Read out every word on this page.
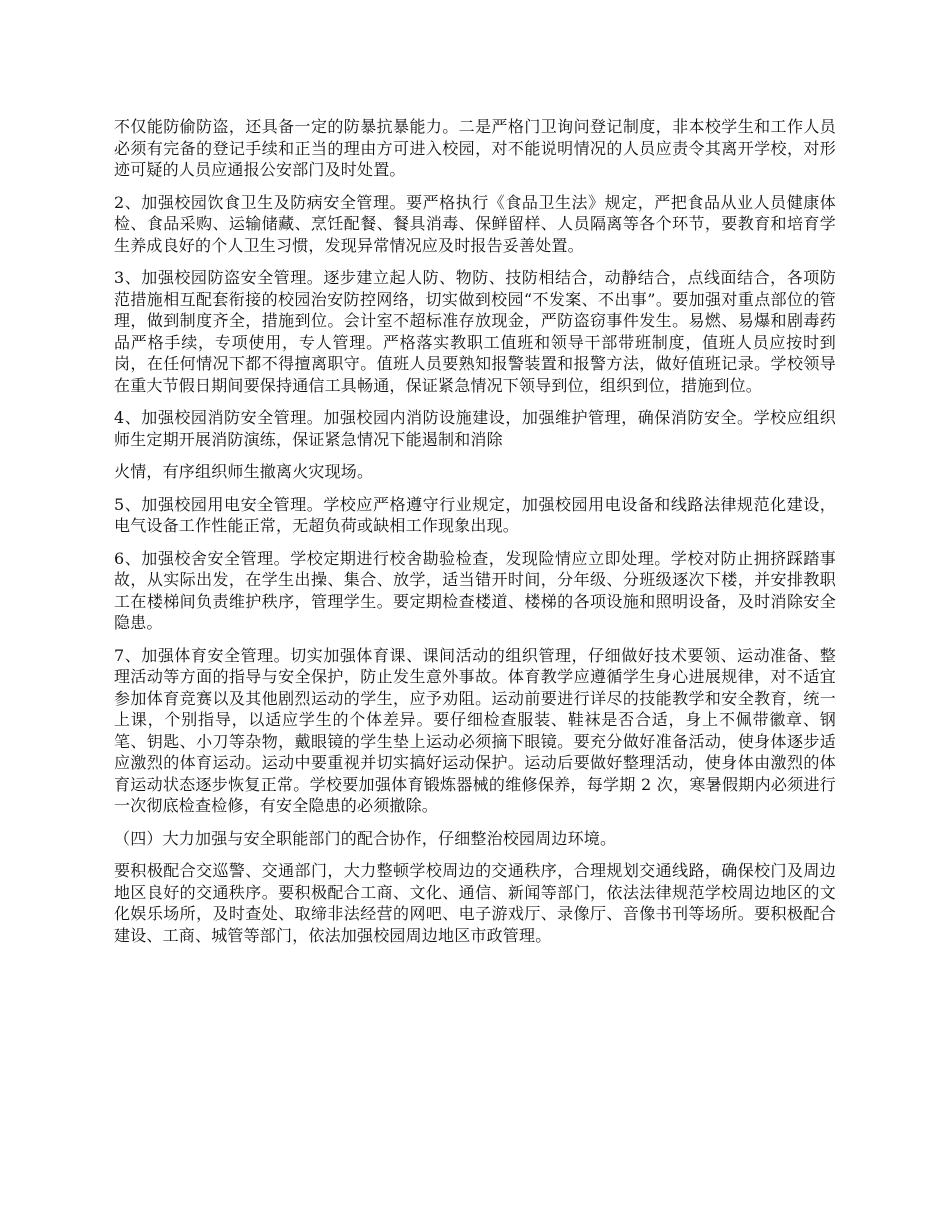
不仅能防偷防盗，还具备一定的防暴抗暴能力。二是严格门卫询问登记制度，非本校学生和工作人员必须有完备的登记手续和正当的理由方可进入校园，对不能说明情况的人员应责令其离开学校，对形迹可疑的人员应通报公安部门及时处置。

2、加强校园饮食卫生及防病安全管理。要严格执行《食品卫生法》规定，严把食品从业人员健康体检、食品采购、运输储藏、烹饪配餐、餐具消毒、保鲜留样、人员隔离等各个环节，要教育和培育学生养成良好的个人卫生习惯，发现异常情况应及时报告妥善处置。

3、加强校园防盗安全管理。逐步建立起人防、物防、技防相结合，动静结合，点线面结合，各项防范措施相互配套衔接的校园治安防控网络，切实做到校园“不发案、不出事”。要加强对重点部位的管理，做到制度齐全，措施到位。会计室不超标准存放现金，严防盗窃事件发生。易燃、易爆和剧毒药品严格手续，专项使用，专人管理。严格落实教职工值班和领导干部带班制度，值班人员应按时到岗，在任何情况下都不得擅离职守。值班人员要熟知报警装置和报警方法，做好值班记录。学校领导在重大节假日期间要保持通信工具畅通，保证紧急情况下领导到位，组织到位，措施到位。

4、加强校园消防安全管理。加强校园内消防设施建设，加强维护管理，确保消防安全。学校应组织师生定期开展消防演练，保证紧急情况下能遏制和消除

火情，有序组织师生撤离火灾现场。

5、加强校园用电安全管理。学校应严格遵守行业规定，加强校园用电设备和线路法律规范化建设，电气设备工作性能正常，无超负荷或缺相工作现象出现。

6、加强校舍安全管理。学校定期进行校舍勘验检查，发现险情应立即处理。学校对防止拥挤踩踏事故，从实际出发，在学生出操、集合、放学，适当错开时间，分年级、分班级逐次下楼，并安排教职工在楼梯间负责维护秩序，管理学生。要定期检查楼道、楼梯的各项设施和照明设备，及时消除安全隐患。

7、加强体育安全管理。切实加强体育课、课间活动的组织管理，仔细做好技术要领、运动准备、整理活动等方面的指导与安全保护，防止发生意外事故。体育教学应遵循学生身心进展规律，对不适宜参加体育竞赛以及其他剧烈运动的学生，应予劝阻。运动前要进行详尽的技能教学和安全教育，统一上课，个别指导，以适应学生的个体差异。要仔细检查服装、鞋袜是否合适，身上不佩带徽章、钢笔、钥匙、小刀等杂物，戴眼镜的学生垫上运动必须摘下眼镜。要充分做好准备活动，使身体逐步适应激烈的体育运动。运动中要重视并切实搞好运动保护。运动后要做好整理活动，使身体由激烈的体育运动状态逐步恢复正常。学校要加强体育锻炼器械的维修保养，每学期 2 次，寒暑假期内必须进行一次彻底检查检修，有安全隐患的必须撤除。

（四）大力加强与安全职能部门的配合协作，仔细整治校园周边环境。

要积极配合交巡警、交通部门，大力整顿学校周边的交通秩序，合理规划交通线路，确保校门及周边地区良好的交通秩序。要积极配合工商、文化、通信、新闻等部门，依法法律规范学校周边地区的文化娱乐场所，及时查处、取缔非法经营的网吧、电子游戏厅、录像厅、音像书刊等场所。要积极配合建设、工商、城管等部门，依法加强校园周边地区市政管理。
